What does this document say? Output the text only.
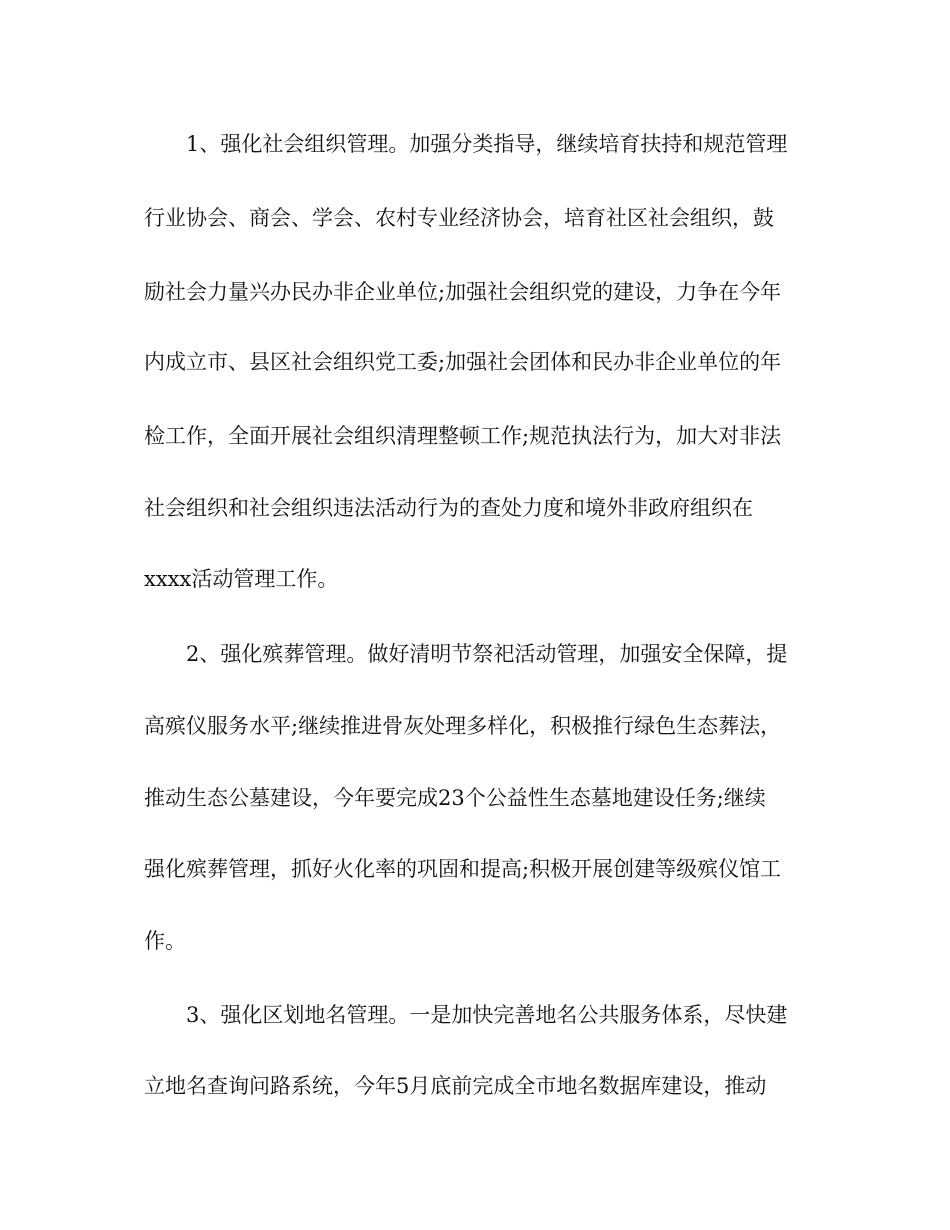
1、强化社会组织管理。加强分类指导，继续培育扶持和规范管理

行业协会、商会、学会、农村专业经济协会，培育社区社会组织，鼓

励社会力量兴办民办非企业单位;加强社会组织党的建设，力争在今年

内成立市、县区社会组织党工委;加强社会团体和民办非企业单位的年

检工作，全面开展社会组织清理整顿工作;规范执法行为，加大对非法

社会组织和社会组织违法活动行为的查处力度和境外非政府组织在

xxxx活动管理工作。

2、强化殡葬管理。做好清明节祭祀活动管理，加强安全保障，提

高殡仪服务水平;继续推进骨灰处理多样化，积极推行绿色生态葬法，

推动生态公墓建设，今年要完成23个公益性生态墓地建设任务;继续

强化殡葬管理，抓好火化率的巩固和提高;积极开展创建等级殡仪馆工

作。

3、强化区划地名管理。一是加快完善地名公共服务体系，尽快建

立地名查询问路系统，今年5月底前完成全市地名数据库建设，推动
